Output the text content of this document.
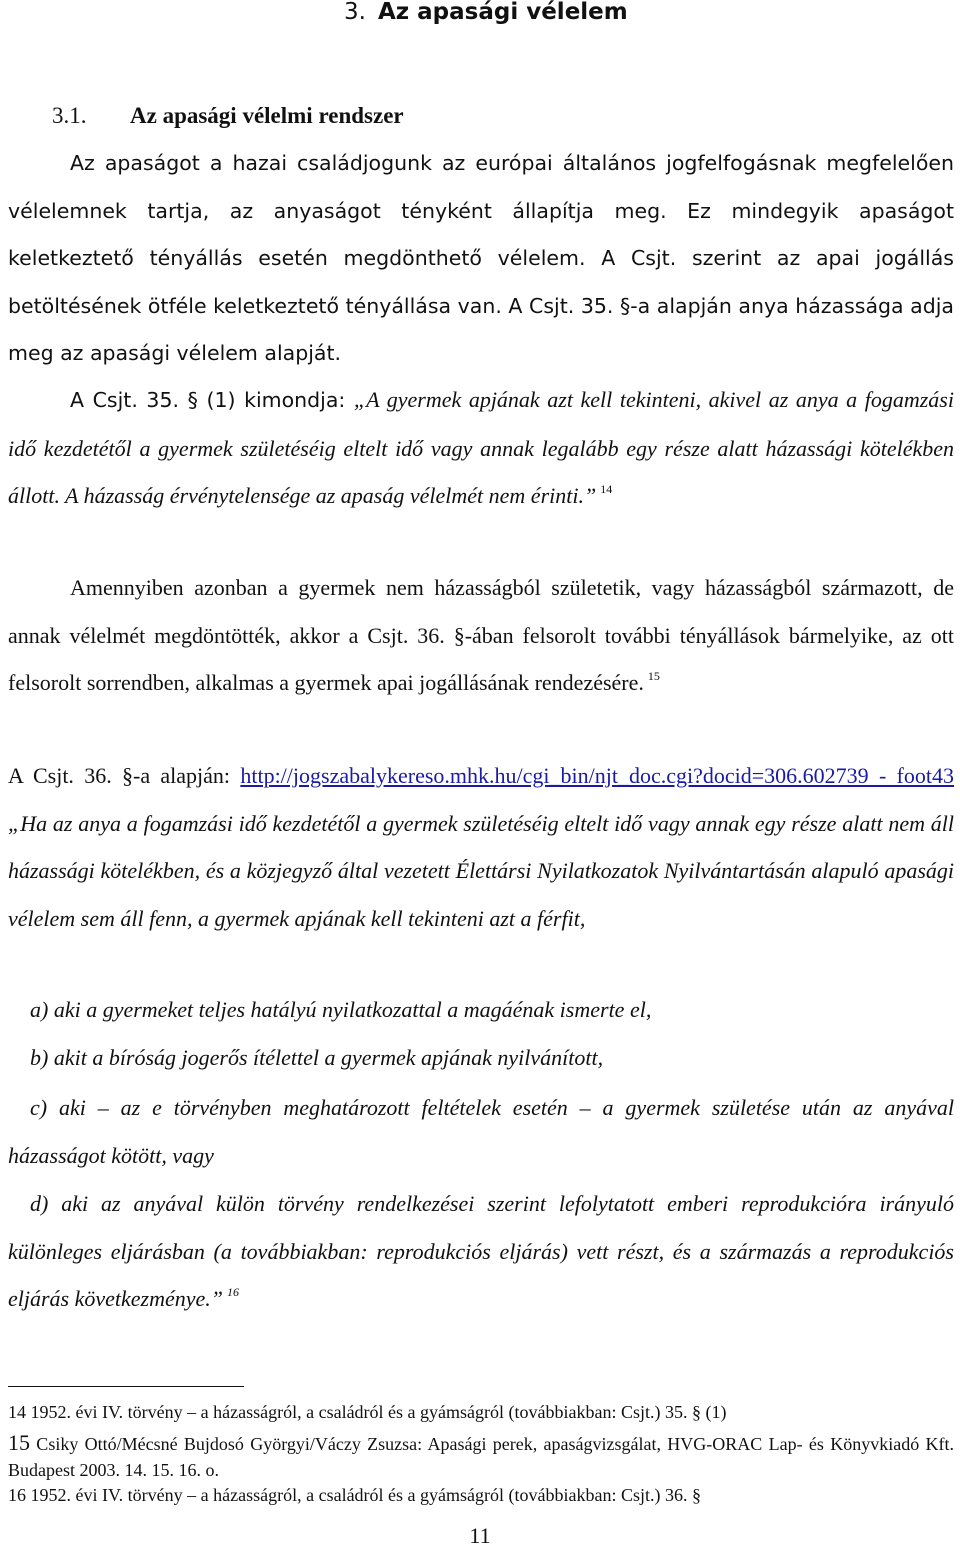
3. Az apasági vélelem
3.1. Az apasági vélelmi rendszer
Az apaságot a hazai családjogunk az európai általános jogfelfogásnak megfelelően vélelemnek tartja, az anyaságot tényként állapítja meg. Ez mindegyik apaságot keletkeztető tényállás esetén megdönthető vélelem. A Csjt. szerint az apai jogállás betöltésének ötféle keletkeztető tényállása van. A Csjt. 35. §-a alapján anya házassága adja meg az apasági vélelem alapját.
A Csjt. 35. § (1) kimondja: „A gyermek apjának azt kell tekinteni, akivel az anya a fogamzási idő kezdetétől a gyermek születéséig eltelt idő vagy annak legalább egy része alatt házassági kötelékben állott. A házasság érvénytelensége az apaság vélelmét nem érinti.” $^{14}$
Amennyiben azonban a gyermek nem házasságból születetik, vagy házasságból származott, de annak vélelmét megdöntötték, akkor a Csjt. 36. §-ában felsorolt további tényállások bármelyike, az ott felsorolt sorrendben, alkalmas a gyermek apai jogállásának rendezésére. $^{15}$
A Csjt. 36. §-a alapján: http://jogszabalykereso.mhk.hu/cgi_bin/njt_doc.cgi?docid=306.602739 - foot43 „Ha az anya a fogamzási idő kezdetétől a gyermek születéséig eltelt idő vagy annak egy része alatt nem áll házassági kötelékben, és a közjegyző által vezetett Élettársi Nyilatkozatok Nyilvántartásán alapuló apasági vélelem sem áll fenn, a gyermek apjának kell tekinteni azt a férfit,
a) aki a gyermeket teljes hatályú nyilatkozattal a magáénak ismerte el,
b) akit a bíróság jogerős ítélettel a gyermek apjának nyilvánított,
c) aki – az e törvényben meghatározott feltételek esetén – a gyermek születése után az anyával házasságot kötött, vagy
d) aki az anyával külön törvény rendelkezései szerint lefolytatott emberi reprodukcióra irányuló különleges eljárásban (a továbbiakban: reprodukciós eljárás) vett részt, és a származás a reprodukciós eljárás következménye.” $^{16}$
14 1952. évi IV. törvény – a házasságról, a családról és a gyámságról (továbbiakban: Csjt.) 35. § (1)
15 Csiky Ottó/Mécsné Bujdosó Györgyi/Váczy Zsuzsa: Apasági perek, apaságvizsgálat, HVG-ORAC Lap- és Könyvkiadó Kft. Budapest 2003. 14. 15. 16. o.
16 1952. évi IV. törvény – a házasságról, a családról és a gyámságról (továbbiakban: Csjt.) 36. §
11
